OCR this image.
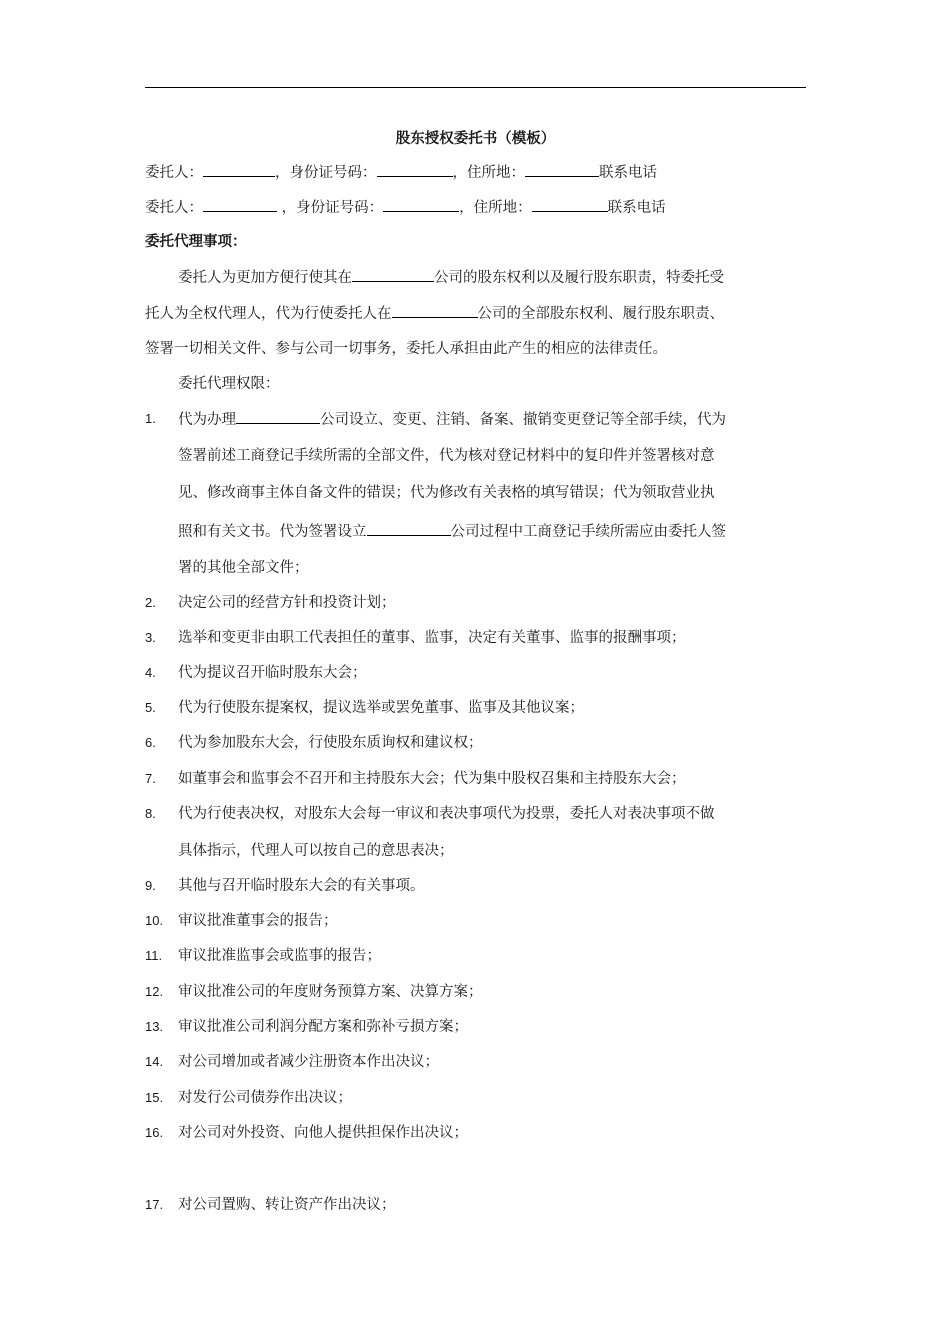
股东授权委托书（模板）
委托人：	，身份证号码：	，住所地：	联系电话
委托人：	，身份证号码：	，住所地：	联系电话
委托代理事项：
委托人为更加方便行使其在	公司的股东权利以及履行股东职责，特委托受
托人为全权代理人，代为行使委托人在	公司的全部股东权利、履行股东职责、
签署一切相关文件、参与公司一切事务，委托人承担由此产生的相应的法律责任。
委托代理权限：
1.	代为办理	公司设立、变更、注销、备案、撤销变更登记等全部手续，代为
签署前述工商登记手续所需的全部文件，代为核对登记材料中的复印件并签署核对意
见、修改商事主体自备文件的错误；代为修改有关表格的填写错误；代为领取营业执
照和有关文书。代为签署设立	公司过程中工商登记手续所需应由委托人签
署的其他全部文件；
2.	决定公司的经营方针和投资计划；
3.	选举和变更非由职工代表担任的董事、监事，决定有关董事、监事的报酬事项；
4.	代为提议召开临时股东大会；
5.	代为行使股东提案权，提议选举或罢免董事、监事及其他议案；
6.	代为参加股东大会，行使股东质询权和建议权；
7.	如董事会和监事会不召开和主持股东大会；代为集中股权召集和主持股东大会；
8.	代为行使表决权，对股东大会每一审议和表决事项代为投票，委托人对表决事项不做
具体指示，代理人可以按自己的意思表决；
9.	其他与召开临时股东大会的有关事项。
10.	审议批准董事会的报告；
11.	审议批准监事会或监事的报告；
12.	审议批准公司的年度财务预算方案、决算方案；
13.	审议批准公司利润分配方案和弥补亏损方案；
14.	对公司增加或者减少注册资本作出决议；
15.	对发行公司债券作出决议；
16.	对公司对外投资、向他人提供担保作出决议；
17.	对公司置购、转让资产作出决议；
